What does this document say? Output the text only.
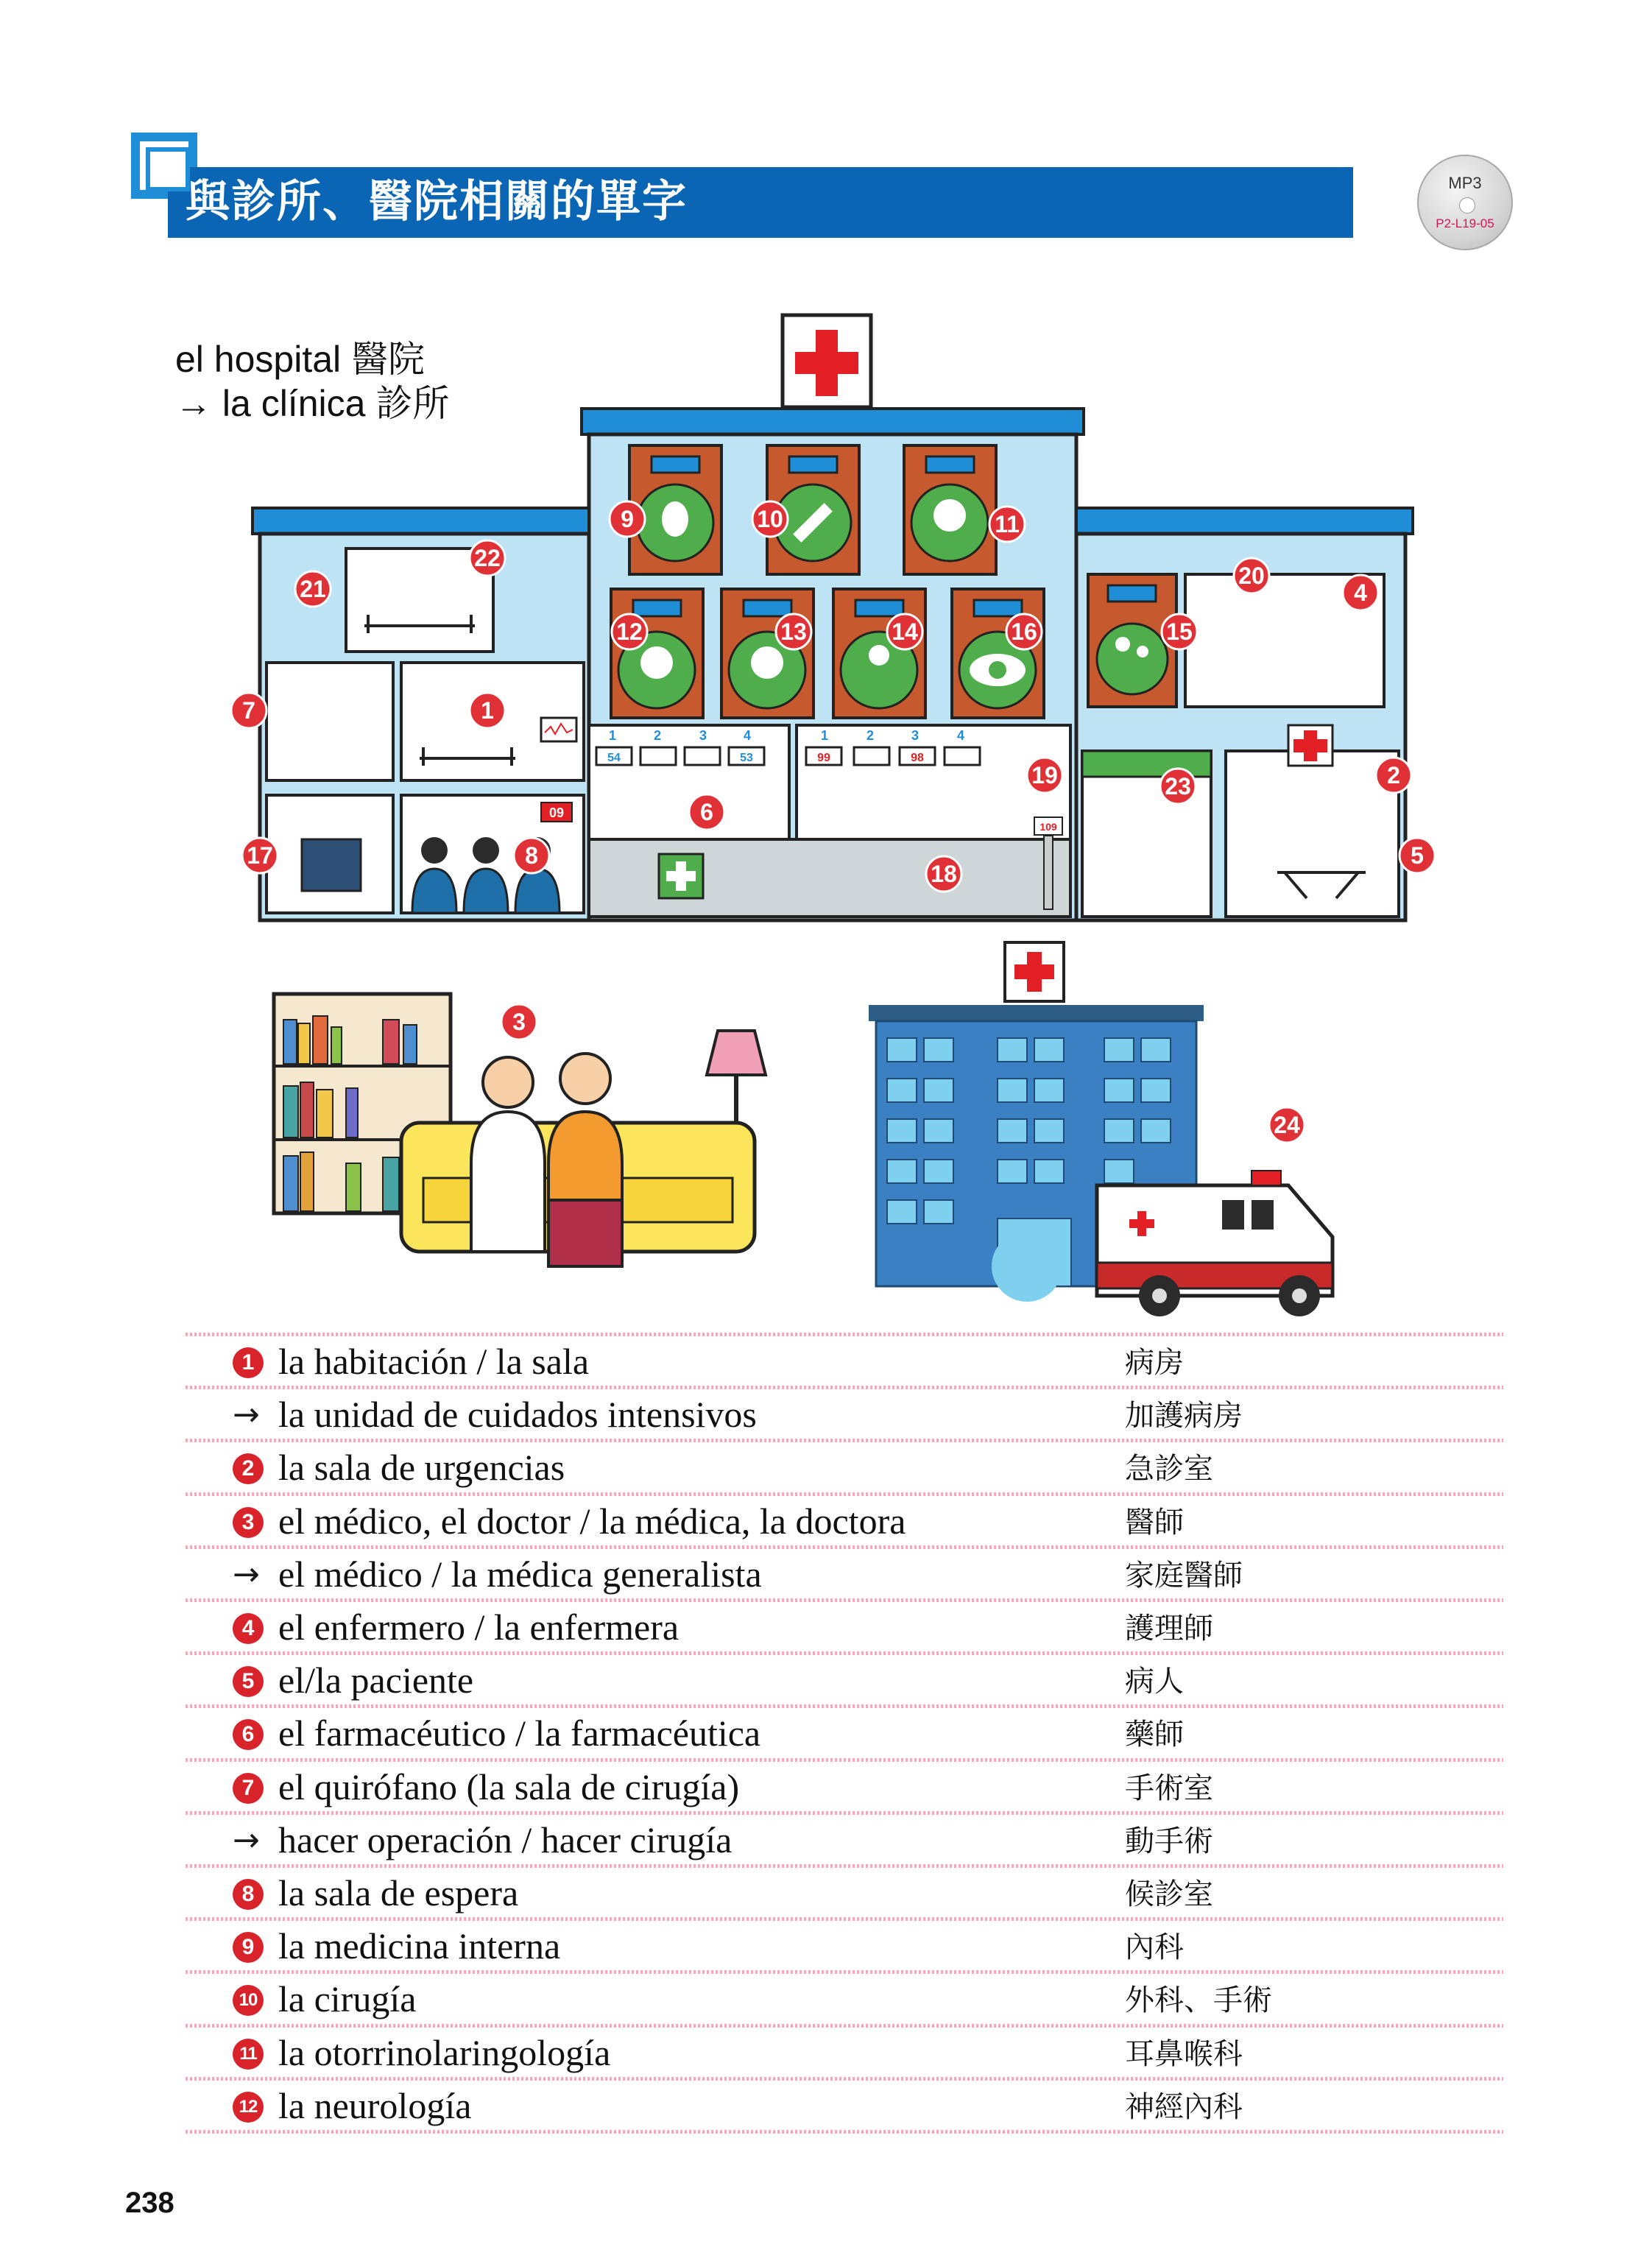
與診所、醫院相關的單字	MP3
P2-L19-05
el hospital 醫院
→ la clínica 診所
1	2	3	4	1	2	3	4
54	53	99	98
09
109
1
2
3
4
5
6
7
8
9	10	11
12	13	14	15
16
17
18
19
20
21
22
23
24
1 la habitación / la sala	病房
→ la unidad de cuidados intensivos	加護病房
2 la sala de urgencias	急診室
3 el médico, el doctor / la médica, la doctora	醫師
→ el médico / la médica generalista	家庭醫師
4 el enfermero / la enfermera	護理師
5 el/la paciente	病人
6 el farmacéutico / la farmacéutica	藥師
7 el quirófano (la sala de cirugía)	手術室
→ hacer operación / hacer cirugía	動手術
8 la sala de espera	候診室
9 la medicina interna	內科
10 la cirugía	外科、手術
11 la otorrinolaringología	耳鼻喉科
12 la neurología	神經內科
238
